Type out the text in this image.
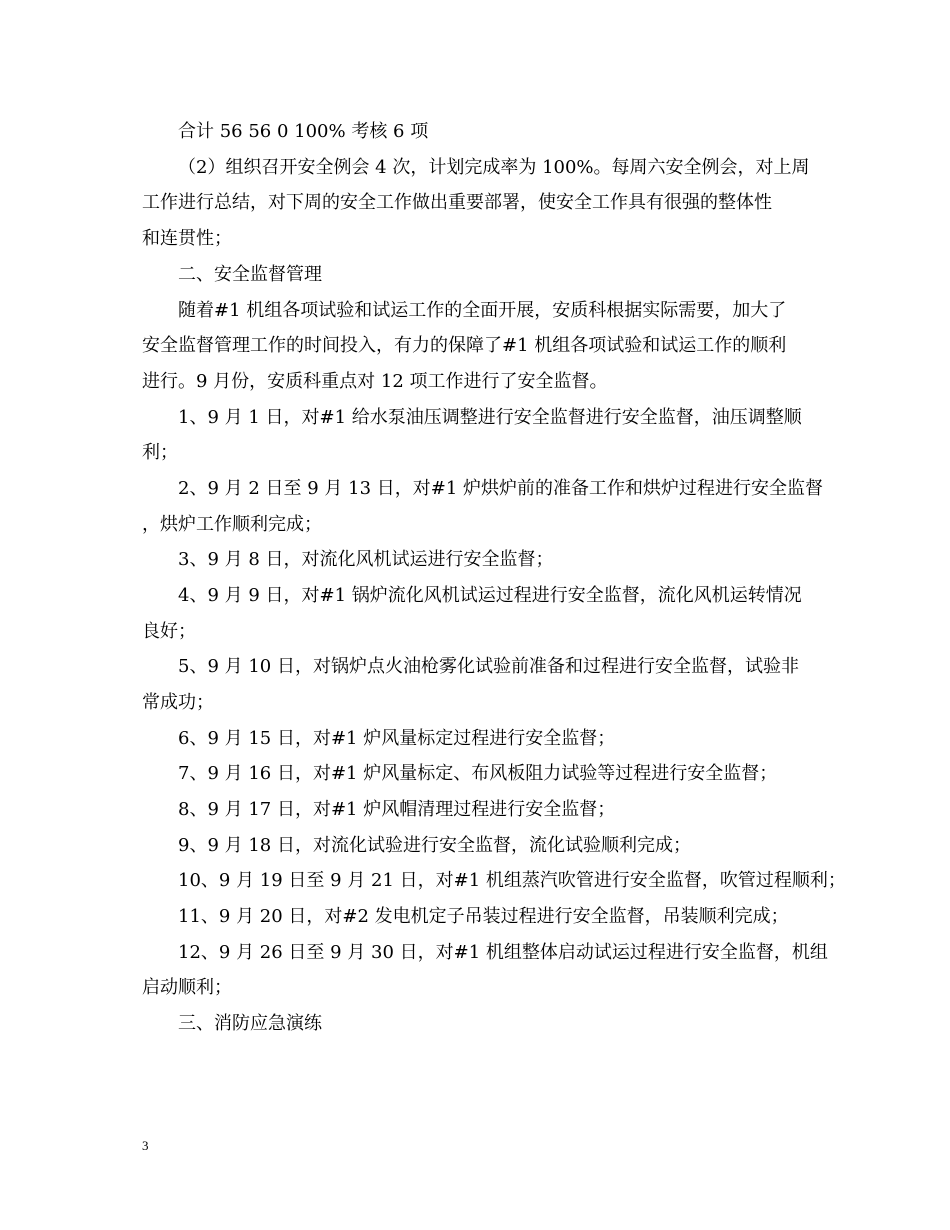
合计 56 56 0 100% 考核 6 项
（2）组织召开安全例会 4 次，计划完成率为 100%。每周六安全例会，对上周
工作进行总结，对下周的安全工作做出重要部署，使安全工作具有很强的整体性
和连贯性；
二、安全监督管理
随着#1 机组各项试验和试运工作的全面开展，安质科根据实际需要，加大了
安全监督管理工作的时间投入，有力的保障了#1 机组各项试验和试运工作的顺利
进行。9 月份，安质科重点对 12 项工作进行了安全监督。
1、9 月 1 日，对#1 给水泵油压调整进行安全监督进行安全监督，油压调整顺
利；
2、9 月 2 日至 9 月 13 日，对#1 炉烘炉前的准备工作和烘炉过程进行安全监督
，烘炉工作顺利完成；
3、9 月 8 日，对流化风机试运进行安全监督；
4、9 月 9 日，对#1 锅炉流化风机试运过程进行安全监督，流化风机运转情况
良好；
5、9 月 10 日，对锅炉点火油枪雾化试验前准备和过程进行安全监督，试验非
常成功；
6、9 月 15 日，对#1 炉风量标定过程进行安全监督；
7、9 月 16 日，对#1 炉风量标定、布风板阻力试验等过程进行安全监督；
8、9 月 17 日，对#1 炉风帽清理过程进行安全监督；
9、9 月 18 日，对流化试验进行安全监督，流化试验顺利完成；
10、9 月 19 日至 9 月 21 日，对#1 机组蒸汽吹管进行安全监督，吹管过程顺利；
11、9 月 20 日，对#2 发电机定子吊装过程进行安全监督，吊装顺利完成；
12、9 月 26 日至 9 月 30 日，对#1 机组整体启动试运过程进行安全监督，机组
启动顺利；
三、消防应急演练
3
